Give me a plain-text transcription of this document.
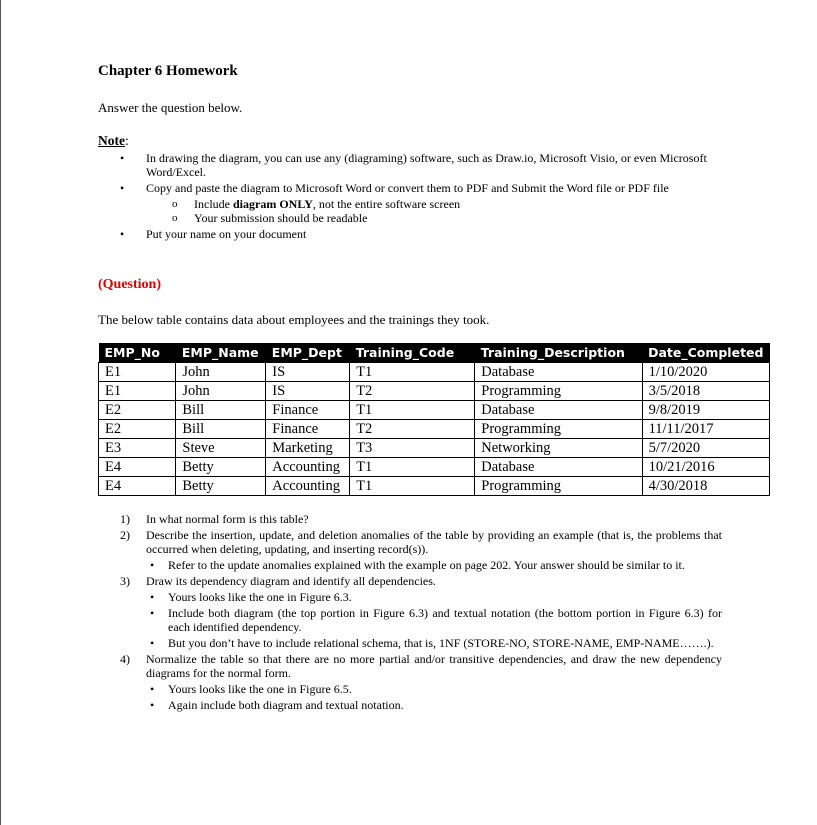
Chapter 6 Homework
Answer the question below.
Note:
• In drawing the diagram, you can use any (diagraming) software, such as Draw.io, Microsoft Visio, or even Microsoft Word/Excel.
• Copy and paste the diagram to Microsoft Word or convert them to PDF and Submit the Word file or PDF file
o Include diagram ONLY, not the entire software screen
o Your submission should be readable
• Put your name on your document
(Question)
The below table contains data about employees and the trainings they took.
EMP_No	EMP_Name	EMP_Dept	Training_Code	Training_Description	Date_Completed
E1	John	IS	T1	Database	1/10/2020
E1	John	IS	T2	Programming	3/5/2018
E2	Bill	Finance	T1	Database	9/8/2019
E2	Bill	Finance	T2	Programming	11/11/2017
E3	Steve	Marketing	T3	Networking	5/7/2020
E4	Betty	Accounting	T1	Database	10/21/2016
E4	Betty	Accounting	T1	Programming	4/30/2018
1) In what normal form is this table?
2) Describe the insertion, update, and deletion anomalies of the table by providing an example (that is, the problems that occurred when deleting, updating, and inserting record(s)).
• Refer to the update anomalies explained with the example on page 202. Your answer should be similar to it.
3) Draw its dependency diagram and identify all dependencies.
• Yours looks like the one in Figure 6.3.
• Include both diagram (the top portion in Figure 6.3) and textual notation (the bottom portion in Figure 6.3) for each identified dependency.
• But you don’t have to include relational schema, that is, 1NF (STORE-NO, STORE-NAME, EMP-NAME…….).
4) Normalize the table so that there are no more partial and/or transitive dependencies, and draw the new dependency diagrams for the normal form.
• Yours looks like the one in Figure 6.5.
• Again include both diagram and textual notation.
